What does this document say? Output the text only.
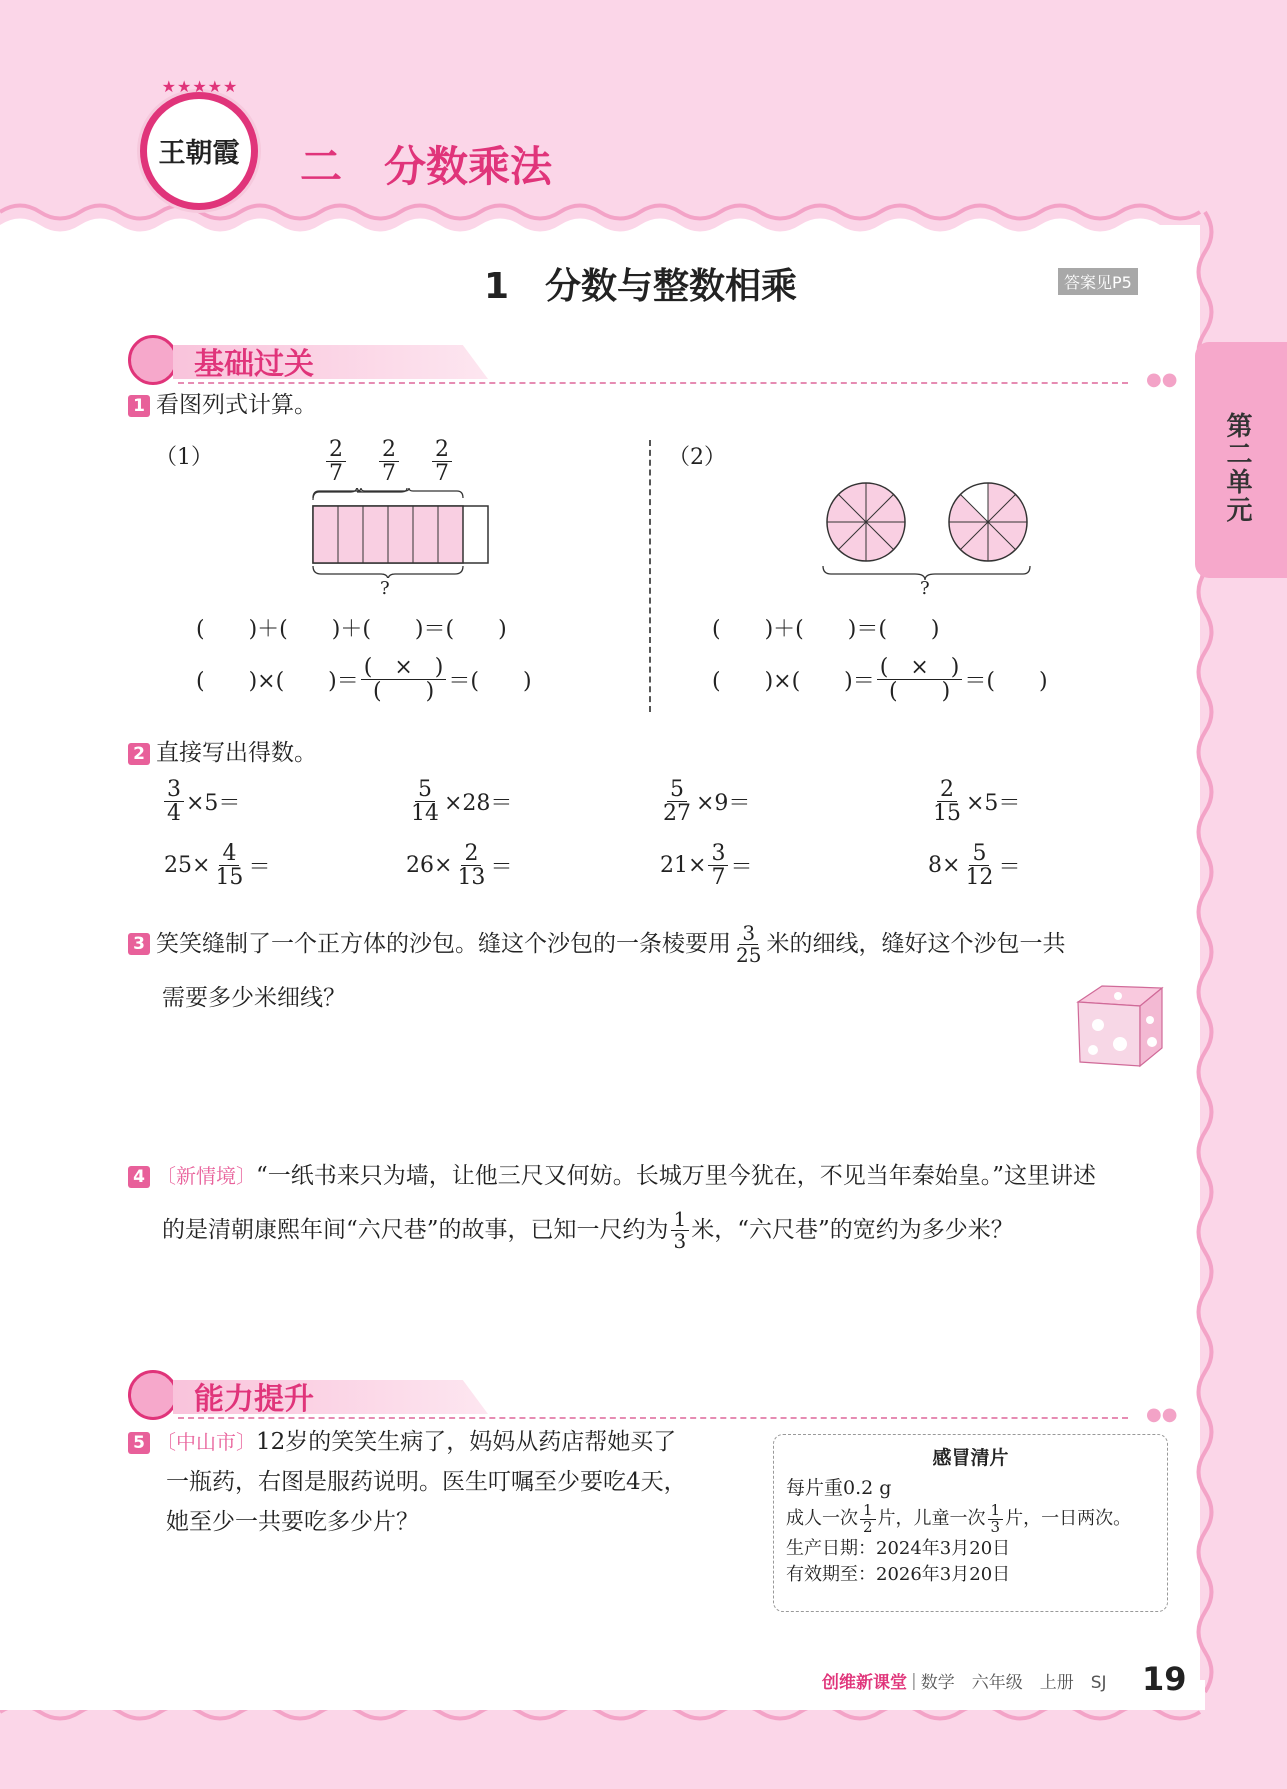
★★★★★
王朝霞 二　分数乘法
第二单元
1　分数与整数相乘	答案见P5
基础过关	●●
1 看图列式计算。
（1）	$\frac{2}{7} \frac{2}{7} \frac{2}{7}$
?
(　　)＋(　　)＋(　　)＝(　　)
(　　)×(　　)＝ $\frac{( \times )}{( )}$ ＝(　　)
（2）
?
(　　)＋(　　)＝(　　)
(　　)×(　　)＝ $\frac{( \times )}{( )}$ ＝(　　)
2 直接写出得数。
$\frac{3}{4} \times 5=$	$\frac{5}{14} \times 28=$	$\frac{5}{27} \times 9=$	$\frac{2}{15} \times 5=$
$25\times \frac{4}{15}$ ＝	$26\times \frac{2}{13}$ ＝	$21\times \frac{3}{7}$ ＝	$8\times \frac{5}{12}$ ＝
3 笑笑缝制了一个正方体的沙包。缝这个沙包的一条棱要用 $\frac{3}{25}$ 米的细线，缝好这个沙包一共
需要多少米细线？
4 〔新情境〕“一纸书来只为墙，让他三尺又何妨。长城万里今犹在，不见当年秦始皇。”这里讲述
的是清朝康熙年间“六尺巷”的故事，已知一尺约为 $\frac{1}{3}$ 米，“六尺巷”的宽约为多少米？
能力提升	●●
5 〔中山市〕12岁的笑笑生病了，妈妈从药店帮她买了
一瓶药，右图是服药说明。医生叮嘱至少要吃4天，
她至少一共要吃多少片？
感冒清片
每片重0.2 g
成人一次 $\frac{1}{2}$ 片，儿童一次 $\frac{1}{3}$ 片，一日两次。
生产日期：2024年3月20日
有效期至：2026年3月20日
创维新课堂 | 数学　六年级　上册　SJ 19
